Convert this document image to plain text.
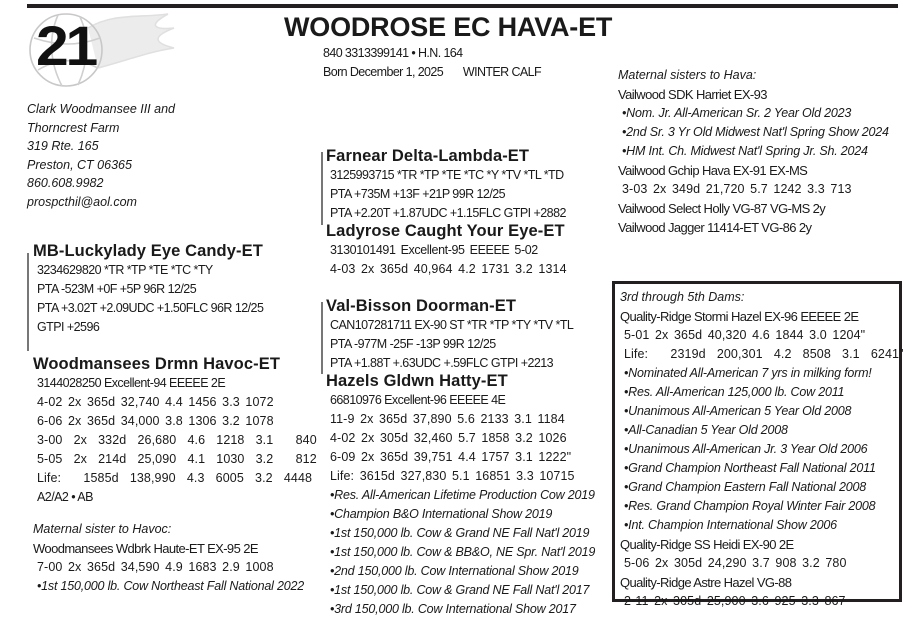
21	WOODROSE EC HAVA-ET
840 3313399141 • H.N. 164
Born December 1, 2025 WINTER CALF
Clark Woodmansee III and
Thorncrest Farm
319 Rte. 165
Preston, CT 06365
860.608.9982
prospcthil@aol.com
Farnear Delta-Lambda-ET
3125993715 *TR *TP *TE *TC *Y *TV *TL *TD
PTA +735M +13F +21P 99R 12/25
PTA +2.20T +1.87UDC +1.15FLC GTPI +2882
Ladyrose Caught Your Eye-ET
3130101491 Excellent-95 EEEEE 5-02
4-03 2x 365d 40,964 4.2 1731 3.2 1314
MB-Luckylady Eye Candy-ET
3234629820 *TR *TP *TE *TC *TY
PTA -523M +0F +5P 96R 12/25
PTA +3.02T +2.09UDC +1.50FLC 96R 12/25
GTPI +2596
Woodmansees Drmn Havoc-ET
3144028250 Excellent-94 EEEEE 2E
4-02 2x 365d 32,740 4.4 1456 3.3 1072
6-06 2x 365d 34,000 3.8 1306 3.2 1078
3-00  2x  332d  26,680  4.6  1218  3.1    840
5-05  2x  214d  25,090  4.1  1030  3.2    812
Life:    1585d  138,990  4.3  6005  3.2  4448
A2/A2 • AB
Maternal sister to Havoc:
Woodmansees Wdbrk Haute-ET EX-95 2E
7-00 2x 365d 34,590 4.9 1683 2.9 1008
•1st 150,000 lb. Cow Northeast Fall National 2022
Val-Bisson Doorman-ET
CAN107281711 EX-90 ST *TR *TP *TY *TV *TL
PTA -977M -25F -13P 99R 12/25
PTA +1.88T +.63UDC +.59FLC GTPI +2213
Hazels Gldwn Hatty-ET
66810976 Excellent-96 EEEEE 4E
11-9 2x 365d 37,890 5.6 2133 3.1 1184
4-02 2x 305d 32,460 5.7 1858 3.2 1026
6-09 2x 365d 39,751 4.4 1757 3.1 1222"
Life: 3615d 327,830 5.1 16851 3.3 10715
•Res. All-American Lifetime Production Cow 2019
•Champion B&O International Show 2019
•1st 150,000 lb. Cow & Grand NE Fall Nat'l 2019
•1st 150,000 lb. Cow & BB&O, NE Spr. Nat'l 2019
•2nd 150,000 lb. Cow International Show 2019
•1st 150,000 lb. Cow & Grand NE Fall Nat'l 2017
•3rd 150,000 lb. Cow International Show 2017
Maternal sisters to Hava:
Vailwood SDK Harriet EX-93
•Nom. Jr. All-American Sr. 2 Year Old 2023
•2nd Sr. 3 Yr Old Midwest Nat'l Spring Show 2024
•HM Int. Ch. Midwest Nat'l Spring Jr. Sh. 2024
Vailwood Gchip Hava EX-91 EX-MS
3-03 2x 349d 21,720 5.7 1242 3.3 713
Vailwood Select Holly VG-87 VG-MS 2y
Vailwood Jagger 11414-ET VG-86 2y
3rd through 5th Dams:
Quality-Ridge Stormi Hazel EX-96 EEEEE 2E
5-01 2x 365d 40,320 4.6 1844 3.0 1204"
Life:    2319d  200,301  4.2  8508  3.1  6241"
•Nominated All-American 7 yrs in milking form!
•Res. All-American 125,000 lb. Cow 2011
•Unanimous All-American 5 Year Old 2008
•All-Canadian 5 Year Old 2008
•Unanimous All-American Jr. 3 Year Old 2006
•Grand Champion Northeast Fall National 2011
•Grand Champion Eastern Fall National 2008
•Res. Grand Champion Royal Winter Fair 2008
•Int. Champion International Show 2006
Quality-Ridge SS Heidi EX-90 2E
5-06 2x 305d 24,290 3.7 908 3.2 780
Quality-Ridge Astre Hazel VG-88
2-11 2x 305d 25,900 3.6 925 3.3 867
